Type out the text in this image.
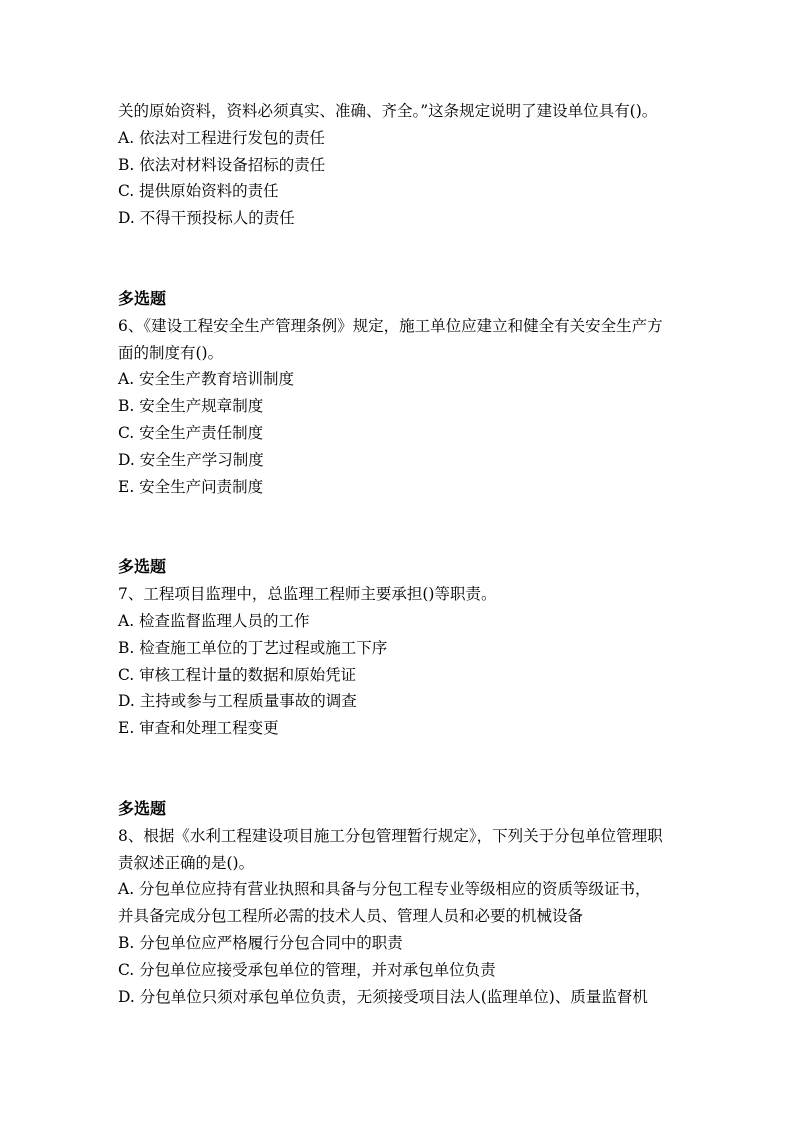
关的原始资料，资料必须真实、准确、齐全。”这条规定说明了建设单位具有()。

A. 依法对工程进行发包的责任

B. 依法对材料设备招标的责任

C. 提供原始资料的责任

D. 不得干预投标人的责任

多选题

6、《建设工程安全生产管理条例》规定，施工单位应建立和健全有关安全生产方

面的制度有()。

A. 安全生产教育培训制度

B. 安全生产规章制度

C. 安全生产责任制度

D. 安全生产学习制度

E. 安全生产问责制度

多选题

7、工程项目监理中，总监理工程师主要承担()等职责。

A. 检查监督监理人员的工作

B. 检查施工单位的丁艺过程或施工下序

C. 审核工程计量的数据和原始凭证

D. 主持或参与工程质量事故的调查

E. 审查和处理工程变更

多选题

8、根据《水利工程建设项目施工分包管理暂行规定》，下列关于分包单位管理职

责叙述正确的是()。

A. 分包单位应持有营业执照和具备与分包工程专业等级相应的资质等级证书，

并具备完成分包工程所必需的技术人员、管理人员和必要的机械设备

B. 分包单位应严格履行分包合同中的职责

C. 分包单位应接受承包单位的管理，并对承包单位负责

D. 分包单位只须对承包单位负责，无须接受项目法人(监理单位)、质量监督机
